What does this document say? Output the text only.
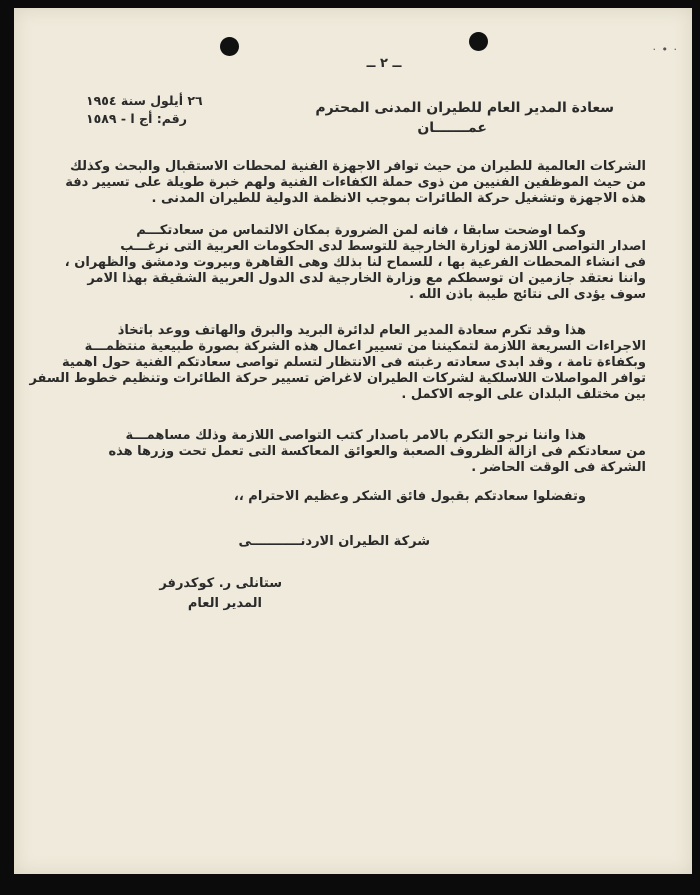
· • ·
ــ ٢ ــ
٢٦ أيلول سنة ١٩٥٤
رقم: أج ا - ١٥٨٩
سعادة المدير العام للطيران المدنى المحترم
عمـــــــان
الشركات العالمية للطيران من حيث توافر الاجهزة الفنية لمحطات الاستقبال والبحث وكذلك
من حيث الموظفين الفنيين من ذوى حملة الكفاءات الفنية ولهم خبرة طويلة على تسيير دفة
هذه الاجهزة وتشغيل حركة الطائرات بموجب الانظمة الدولية للطيران المدنى .
وكما اوضحت سابقا ، فانه لمن الضرورة بمكان الالتماس من سعادتكـــم
اصدار التواصى اللازمة لوزارة الخارجية للتوسط لدى الحكومات العربية التى نرغـــب
فى انشاء المحطات الفرعية بها ، للسماح لنا بذلك وهى القاهرة وبيروت ودمشق والظهران ،
واننا نعتقد جازمين ان توسطكم مع وزارة الخارجية لدى الدول العربية الشقيقة بهذا الامر
سوف يؤدى الى نتائج طيبة باذن الله .
هذا وقد تكرم سعادة المدير العام لدائرة البريد والبرق والهاتف ووعد باتخاذ
الاجراءات السريعة اللازمة لتمكيننا من تسيير اعمال هذه الشركة بصورة طبيعية منتظمـــة
وبكفاءة تامة ، وقد ابدى سعادته رغبته فى الانتظار لتسلم تواصى سعادتكم الفنية حول اهمية
توافر المواصلات اللاسلكية لشركات الطيران لاغراض تسيير حركة الطائرات وتنظيم خطوط السفر
بين مختلف البلدان على الوجه الاكمل .
هذا واننا نرجو التكرم بالامر باصدار كتب التواصى اللازمة وذلك مساهمـــة
من سعادتكم فى ازالة الظروف الصعبة والعوائق المعاكسة التى تعمل تحت وزرها هذه
الشركة فى الوقت الحاضر .
وتفضلوا سعادتكم بقبول فائق الشكر وعظيم الاحترام ،،
شركة الطيران الاردنـــــــــــى
ستانلى ر. كوكدرفر
المدير العام
